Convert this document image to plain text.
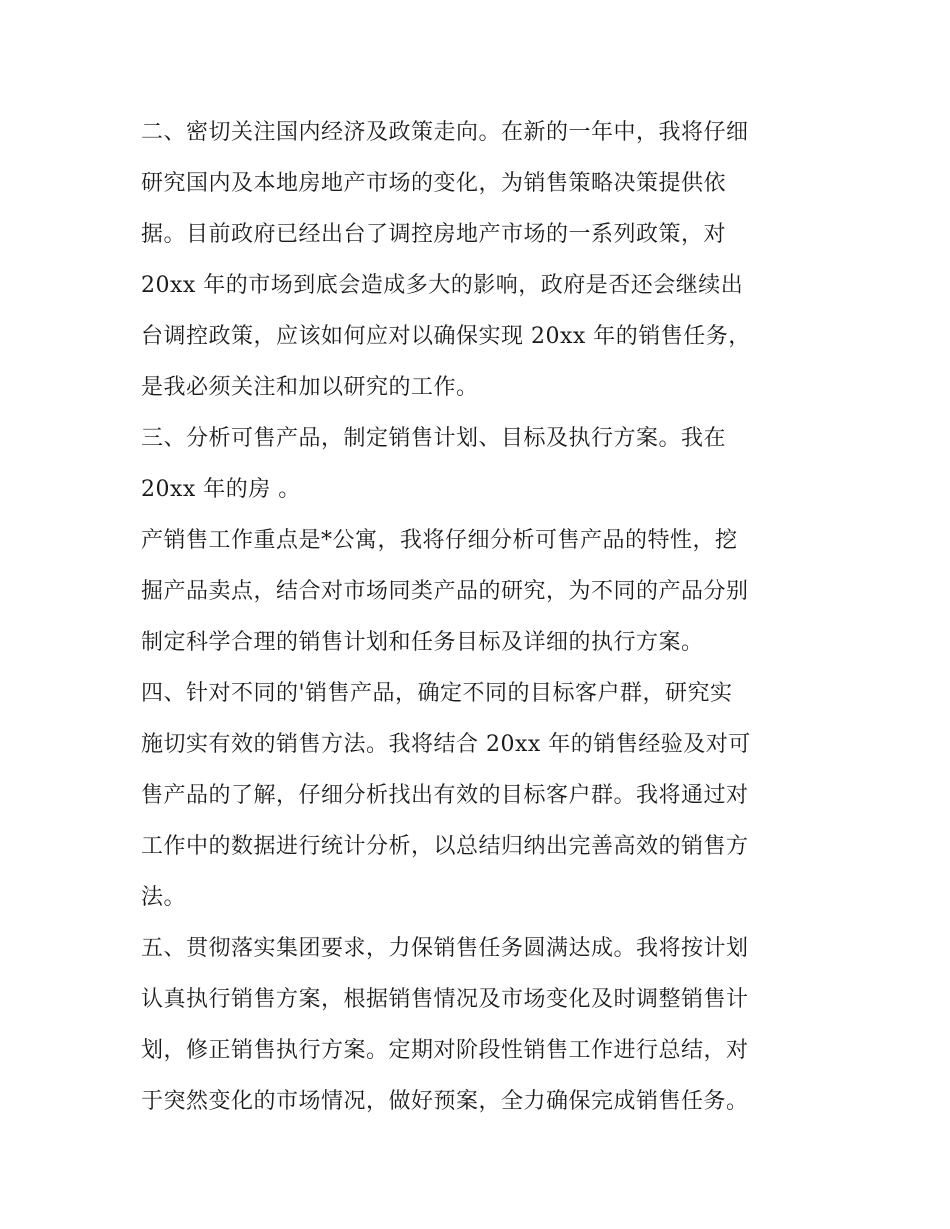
二、密切关注国内经济及政策走向。在新的一年中，我将仔细
研究国内及本地房地产市场的变化，为销售策略决策提供依
据。目前政府已经出台了调控房地产市场的一系列政策，对
20xx 年的市场到底会造成多大的影响，政府是否还会继续出
台调控政策，应该如何应对以确保实现 20xx 年的销售任务，
是我必须关注和加以研究的工作。
三、分析可售产品，制定销售计划、目标及执行方案。我在
20xx 年的房 。
产销售工作重点是*公寓，我将仔细分析可售产品的特性，挖
掘产品卖点，结合对市场同类产品的研究，为不同的产品分别
制定科学合理的销售计划和任务目标及详细的执行方案。
四、针对不同的'销售产品，确定不同的目标客户群，研究实
施切实有效的销售方法。我将结合 20xx 年的销售经验及对可
售产品的了解，仔细分析找出有效的目标客户群。我将通过对
工作中的数据进行统计分析，以总结归纳出完善高效的销售方
法。
五、贯彻落实集团要求，力保销售任务圆满达成。我将按计划
认真执行销售方案，根据销售情况及市场变化及时调整销售计
划，修正销售执行方案。定期对阶段性销售工作进行总结，对
于突然变化的市场情况，做好预案，全力确保完成销售任务。
